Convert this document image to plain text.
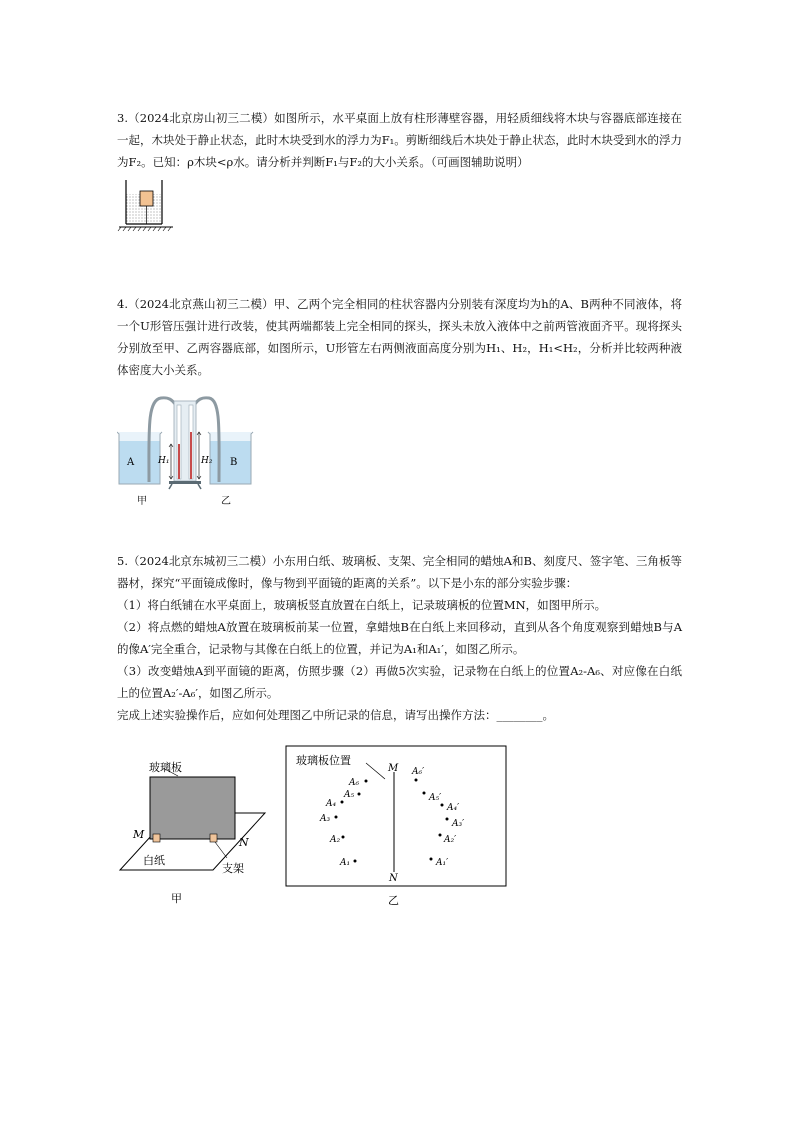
3.（2024北京房山初三二模）如图所示，水平桌面上放有柱形薄壁容器，用轻质细线将木块与容器底部连接在一起，木块处于静止状态，此时木块受到水的浮力为F₁。剪断细线后木块处于静止状态，此时木块受到水的浮力为F₂。已知：ρ木块<ρ水。请分析并判断F₁与F₂的大小关系。（可画图辅助说明）

4.（2024北京燕山初三二模）甲、乙两个完全相同的柱状容器内分别装有深度均为h的A、B两种不同液体，将一个U形管压强计进行改装，使其两端都装上完全相同的探头，探头未放入液体中之前两管液面齐平。现将探头分别放至甲、乙两容器底部，如图所示，U形管左右两侧液面高度分别为H₁、H₂，H₁<H₂，分析并比较两种液体密度大小关系。

A	B
H₁	H₂
甲	乙

5.（2024北京东城初三二模）小东用白纸、玻璃板、支架、完全相同的蜡烛A和B、刻度尺、签字笔、三角板等器材，探究“平面镜成像时，像与物到平面镜的距离的关系”。以下是小东的部分实验步骤：

（1）将白纸铺在水平桌面上，玻璃板竖直放置在白纸上，记录玻璃板的位置MN，如图甲所示。

（2）将点燃的蜡烛A放置在玻璃板前某一位置，拿蜡烛B在白纸上来回移动，直到从各个角度观察到蜡烛B与A的像A′完全重合，记录物与其像在白纸上的位置，并记为A₁和A₁′，如图乙所示。

（3）改变蜡烛A到平面镜的距离，仿照步骤（2）再做5次实验，记录物在白纸上的位置A₂-A₆、对应像在白纸上的位置A₂′-A₆′，如图乙所示。

完成上述实验操作后，应如何处理图乙中所记录的信息，请写出操作方法：________。

玻璃板
M
N
白纸
支架
甲
玻璃板位置
M
N
A₁
A₂
A₃
A₄
A₅
A₆
A₁′
A₂′
A₃′
A₄′
A₅′
A₆′
乙
